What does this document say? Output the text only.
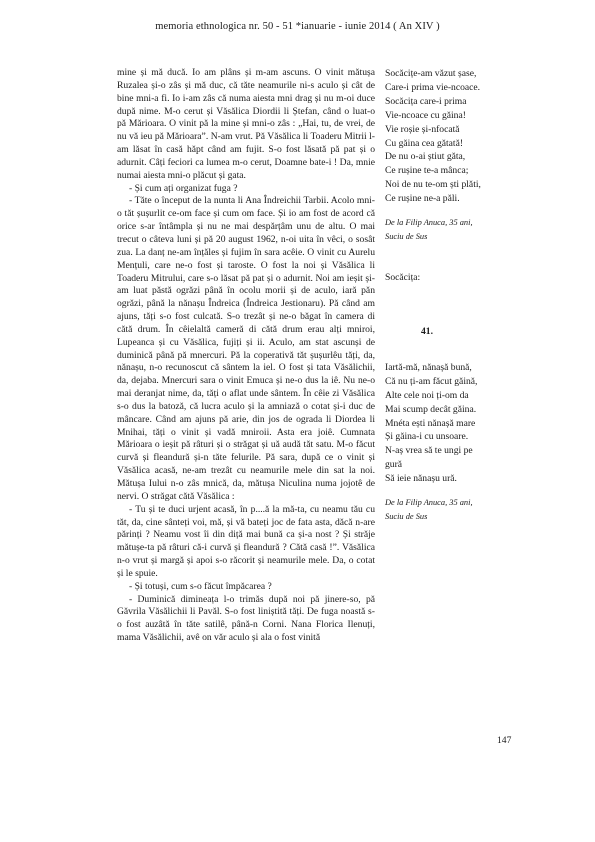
memoria ethnologica nr. 50 - 51 *ianuarie - iunie 2014 ( An XIV )

mine și mă ducă. Io am plâns și m-am ascuns. O vinit mătușa Ruzalea și-o zâs și mă duc, că tăte neamurile ni-s aculo și cât de bine mni-a fi. Io i-am zâs că numa aiesta mni drag și nu m-oi duce după nime. M-o cerut și Văsălica Diordii li Ștefan, când o luat-o pă Mărioara. O vinit pă la mine și mni-o zâs : „Hai, tu, de vrei, de nu vă ieu pă Mărioara”. N-am vrut. Pă Văsălica li Toaderu Mitrii l-am lăsat în casă hăpt când am fujit. S-o fost lăsată pă pat și o adurnit. Câți feciori ca lumea m-o cerut, Doamne bate-i ! Da, mnie numai aiesta mni-o plăcut și gata.

- Și cum ați organizat fuga ?

- Tăte o început de la nunta li Ana Îndreichii Tarbii. Acolo mni-o tăt șușurlit ce-om face și cum om face. Și io am fost de acord că orice s-ar întâmpla și nu ne mai despărțâm unu de altu. O mai trecut o câteva luni și pă 20 august 1962, n-oi uita în vêci, o sosât zua. La danț ne-am înțăles și fujim în sara acêie. O vinit cu Aurelu Mențuli, care ne-o fost și taroste. O fost la noi și Văsălica li Toaderu Mitrului, care s-o lăsat pă pat și o adurnit. Noi am ieșit și-am luat păstă ogrăzi până în ocolu morii și de aculo, iară păn ogrăzi, până la nănașu Îndreica (Îndreica Jestionaru). Pă când am ajuns, tăți s-o fost culcată. S-o trezât și ne-o băgat în camera di cătă drum. În cêielaltă cameră di cătă drum erau alți mniroi, Lupeanca și cu Văsălica, fujiți și ii. Aculo, am stat ascunși de duminică până pă mnercuri. Pă la coperativă tăt șușurlêu tăți, da, nănașu, n-o recunoscut că sântem la iel. O fost și tata Văsălichii, da, dejaba. Mnercuri sara o vinit Emuca și ne-o dus la iê. Nu ne-o mai deranjat nime, da, tăți o aflat unde sântem. În cêie zi Văsălica s-o dus la batoză, că lucra aculo și la amniază o cotat și-i duc de mâncare. Când am ajuns pă arie, din jos de ograda li Diordea li Mnihai, tăți o vinit și vadă mniroii. Asta era joiê. Cumnata Mărioara o ieșit pă râturi și o străgat și uă audă tăt satu. M-o făcut curvă și fleandură și-n tăte felurile. Pă sara, după ce o vinit și Văsălica acasă, ne-am trezât cu neamurile mele din sat la noi. Mătușa Iului n-o zâs mnică, da, mătușa Niculina numa jojotê de nervi. O străgat cătă Văsălica :

- Tu și te duci urjent acasă, în p....ă la mă-ta, cu neamu tău cu tăt, da, cine sânteți voi, mă, și vă bateți joc de fata asta, dăcă n-are părinți ? Neamu vost îi din diță mai bună ca și-a nost ? Și străje mătușe-ta pă râturi că-i curvă și fleandură ? Cătă casă !”. Văsălica n-o vrut și margă și apoi s-o răcorit și neamurile mele. Da, o cotat și le spuie.

- Și totuși, cum s-o făcut împăcarea ?

- Duminică dimineața l-o trimăs după noi pă jinere-so, pă Găvrila Văsălichii li Pavăl. S-o fost liniștită tăți. De fuga noastă s-o fost auzâtă în tăte satilê, până-n Corni. Nana Florica Ilenuți, mama Văsălichii, avê on văr aculo și ala o fost vinită

Socăcițe-am văzut șase,
Care-i prima vie-ncoace.
Socăcița care-i prima
Vie-ncoace cu găina!
Vie roșie și-nfocată
Cu găina cea gătată!
De nu o-ai știut găta,
Ce rușine te-a mânca;
Noi de nu te-om ști plăti,
Ce rușine ne-a păli.
De la Filip Anuca, 35 ani,
Suciu de Sus
Socăcița:
41.
Iartă-mă, nănașă bună,
Că nu ți-am făcut găină,
Alte cele noi ți-om da
Mai scump decât găina.
Mnéta ești nănașă mare
Și găina-i cu unsoare.
N-aș vrea să te ungi pe
gură
Să ieie nănașu ură.
De la Filip Anuca, 35 ani,
Suciu de Sus
147
